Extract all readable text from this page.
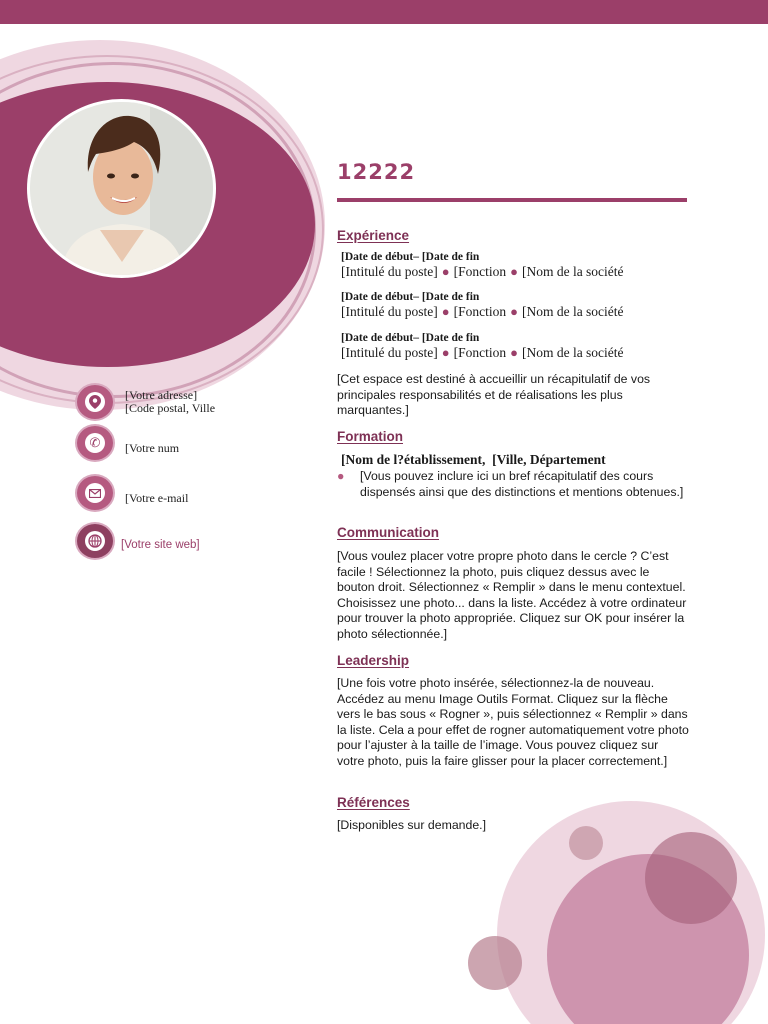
[Votre adresse]
[Code postal, Ville
✆	[Votre num
[Votre e-mail
[Votre site web]
12222
Expérience
[Date de début– [Date de fin
[Intitulé du poste] ● [Fonction ● [Nom de la société
[Date de début– [Date de fin
[Intitulé du poste] ● [Fonction ● [Nom de la société
[Date de début– [Date de fin
[Intitulé du poste] ● [Fonction ● [Nom de la société
[Cet espace est destiné à accueillir un récapitulatif de vos principales responsabilités et de réalisations les plus marquantes.]
Formation
[Nom de l?établissement,  [Ville, Département
● [Vous pouvez inclure ici un bref récapitulatif des cours dispensés ainsi que des distinctions et mentions obtenues.]
Communication
[Vous voulez placer votre propre photo dans le cercle ? C’est facile ! Sélectionnez la photo, puis cliquez dessus avec le bouton droit. Sélectionnez « Remplir » dans le menu contextuel. Choisissez une photo... dans la liste. Accédez à votre ordinateur pour trouver la photo appropriée. Cliquez sur OK pour insérer la photo sélectionnée.]
Leadership
[Une fois votre photo insérée, sélectionnez-la de nouveau. Accédez au menu Image Outils Format. Cliquez sur la flèche vers le bas sous « Rogner », puis sélectionnez « Remplir » dans la liste. Cela a pour effet de rogner automatiquement votre photo pour l’ajuster à la taille de l’image. Vous pouvez cliquez sur votre photo, puis la faire glisser pour la placer correctement.]
Références
[Disponibles sur demande.]
